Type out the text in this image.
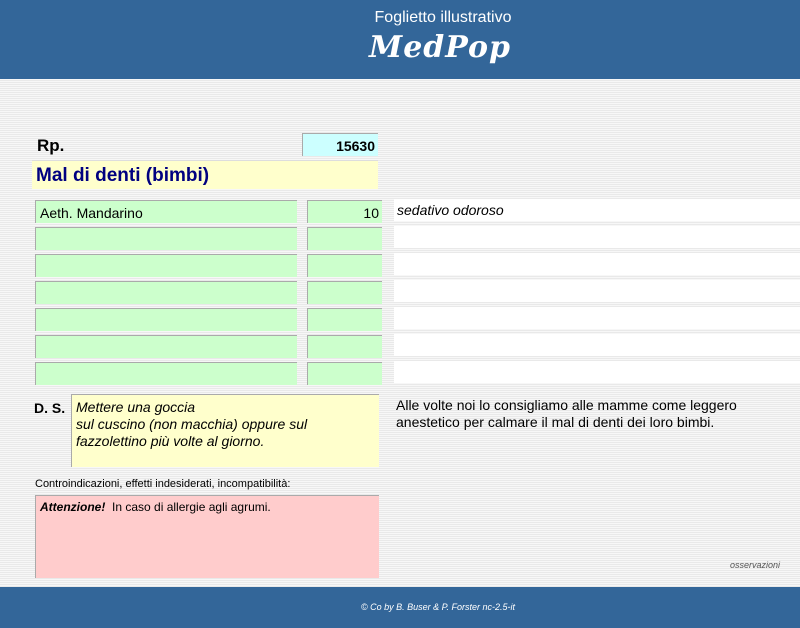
Foglietto illustrativo
MedPop
Rp.	15630
Mal di denti (bimbi)
Aeth. Mandarino	10 sedativo odoroso
D. S. Mettere una goccia
sul cuscino (non macchia) oppure sul
fazzolettino più volte al giorno.
Alle volte noi lo consigliamo alle mamme come leggero anestetico per calmare il mal di denti dei loro bimbi.
Controindicazioni, effetti indesiderati, incompatibilità:
Attenzione! In caso di allergie agli agrumi.
osservazioni
© Co by B. Buser & P. Forster nc-2.5-it
